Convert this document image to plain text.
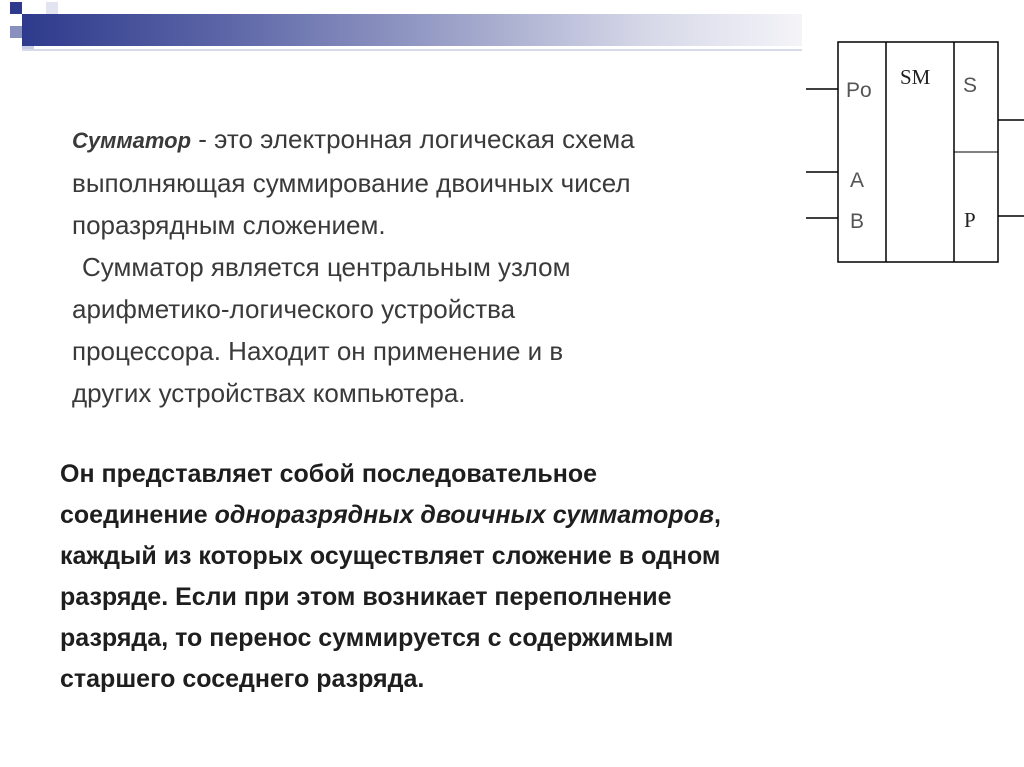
Сумматор - это электронная логическая схема
выполняющая суммирование двоичных чисел
поразрядным сложением.
Сумматор является центральным узлом
арифметико-логического устройства
процессора. Находит он применение и в
других устройствах компьютера.

Он представляет собой последовательное
соединение одноразрядных двоичных сумматоров,
каждый из которых осуществляет сложение в одном
разряде. Если при этом возникает переполнение
разряда, то перенос суммируется с содержимым
старшего соседнего разряда.

SM
Po
A
B
S
P
